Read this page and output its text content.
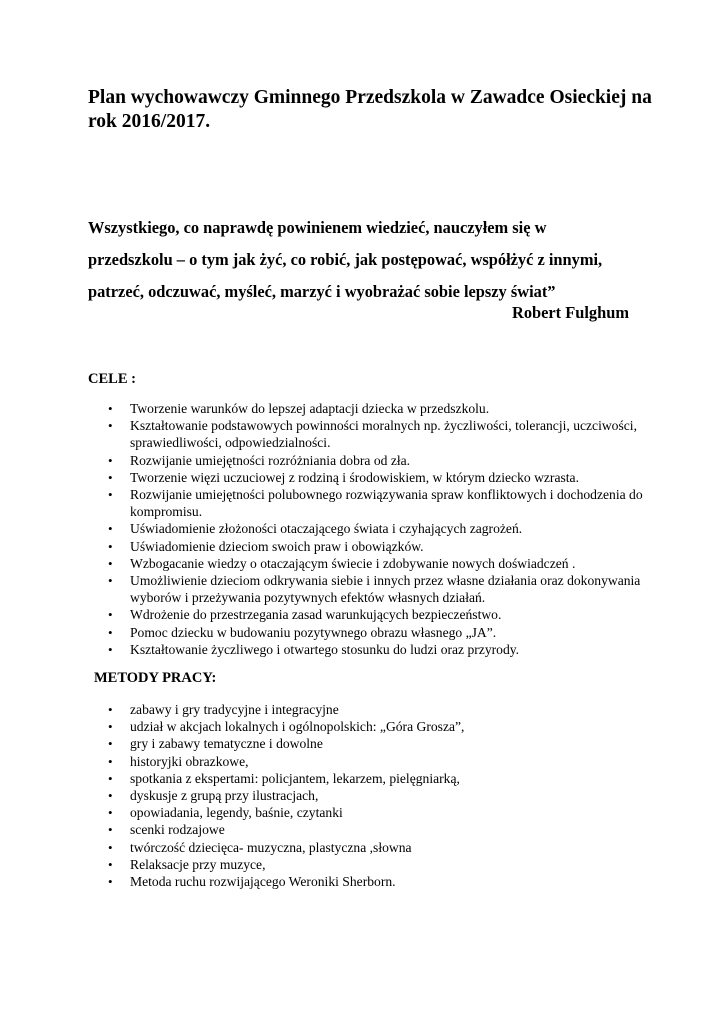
Plan wychowawczy Gminnego Przedszkola w Zawadce Osieckiej na rok 2016/2017.

Wszystkiego, co naprawdę powinienem wiedzieć, nauczyłem się w
przedszkolu – o tym jak żyć, co robić, jak postępować, współżyć z innymi,
patrzeć, odczuwać, myśleć, marzyć i wyobrażać sobie lepszy świat”

Robert Fulghum

CELE :
• Tworzenie warunków do lepszej adaptacji dziecka w przedszkolu.
• Kształtowanie podstawowych powinności moralnych np. życzliwości, tolerancji, uczciwości, sprawiedliwości, odpowiedzialności.
• Rozwijanie umiejętności rozróżniania dobra od zła.
• Tworzenie więzi uczuciowej z rodziną i środowiskiem, w którym dziecko wzrasta.
• Rozwijanie umiejętności polubownego rozwiązywania spraw konfliktowych i dochodzenia do kompromisu.
• Uświadomienie złożoności otaczającego świata i czyhających zagrożeń.
• Uświadomienie dzieciom swoich praw i obowiązków.
• Wzbogacanie wiedzy o otaczającym świecie i zdobywanie nowych doświadczeń .
• Umożliwienie dzieciom odkrywania siebie i innych przez własne działania oraz dokonywania wyborów i przeżywania pozytywnych efektów własnych działań.
• Wdrożenie do przestrzegania zasad warunkujących bezpieczeństwo.
• Pomoc dziecku w budowaniu pozytywnego obrazu własnego „JA”.
• Kształtowanie życzliwego i otwartego stosunku do ludzi oraz przyrody.
METODY PRACY:
• zabawy i gry tradycyjne i integracyjne
• udział w akcjach lokalnych i ogólnopolskich: „Góra Grosza”,
• gry i zabawy tematyczne i dowolne
• historyjki obrazkowe,
• spotkania z ekspertami: policjantem, lekarzem, pielęgniarką,
• dyskusje z grupą przy ilustracjach,
• opowiadania, legendy, baśnie, czytanki
• scenki rodzajowe
• twórczość dziecięca- muzyczna, plastyczna ,słowna
• Relaksacje przy muzyce,
• Metoda ruchu rozwijającego Weroniki Sherborn.
